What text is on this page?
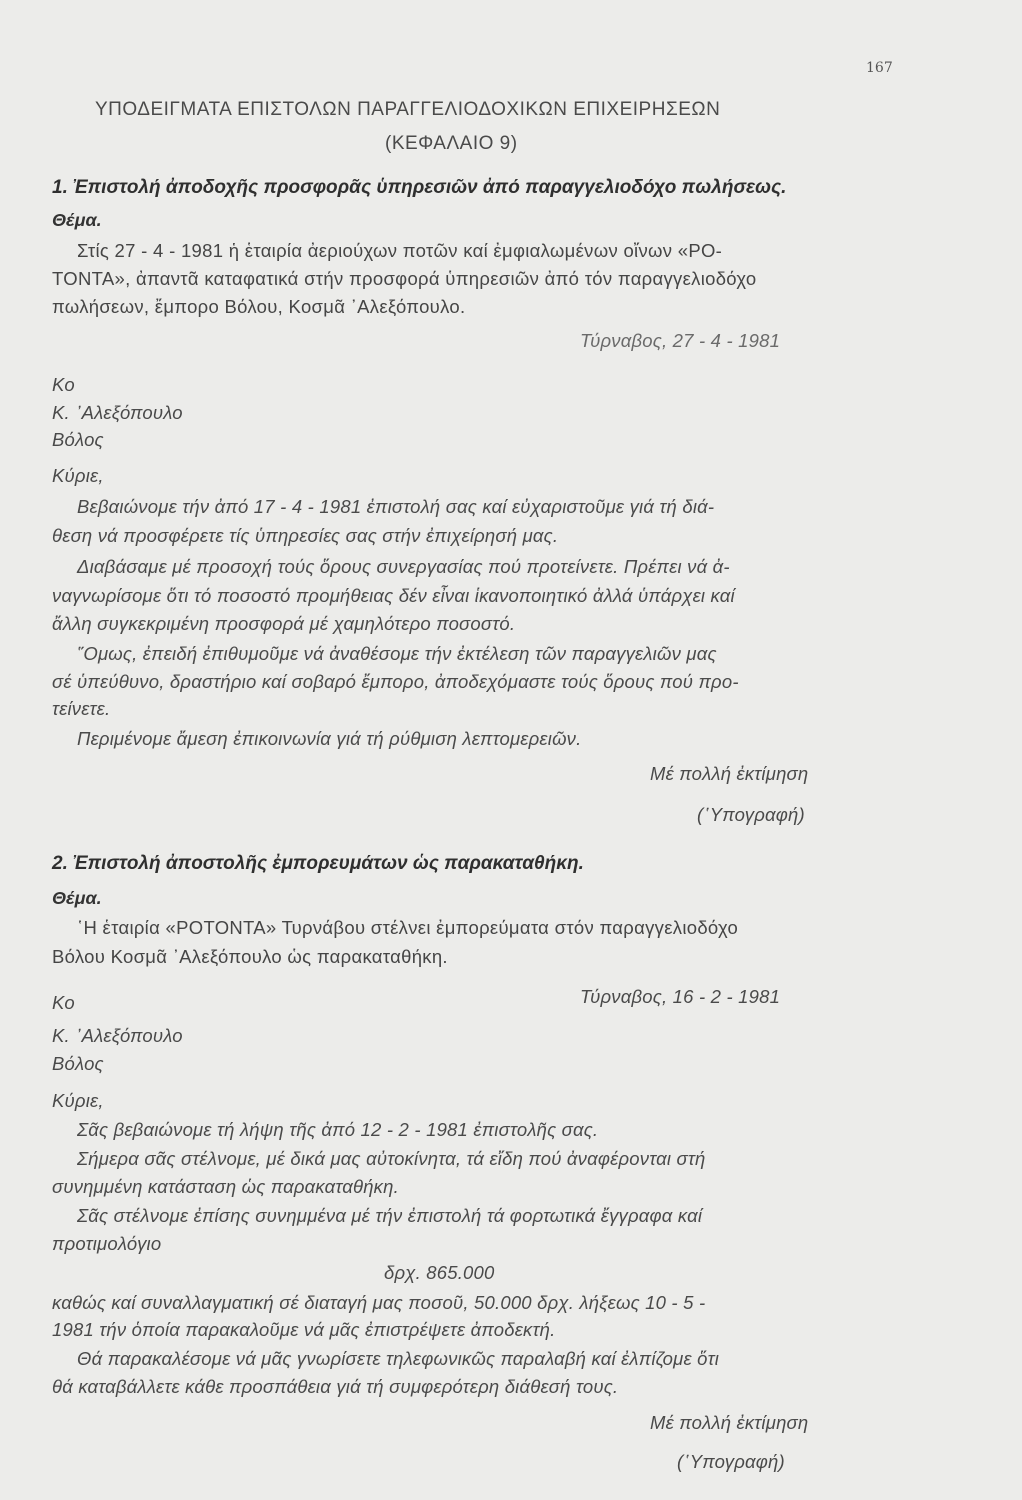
167
ΥΠΟΔΕΙΓΜΑΤΑ ΕΠΙΣΤΟΛΩΝ ΠΑΡΑΓΓΕΛΙΟΔΟΧΙΚΩΝ ΕΠΙΧΕΙΡΗΣΕΩΝ
(ΚΕΦΑΛΑΙΟ 9)
1. Ἐπιστολή ἀποδοχῆς προσφορᾶς ὑπηρεσιῶν ἀπό παραγγελιοδόχο πωλήσεως.
Θέμα.
Στίς 27 - 4 - 1981 ἡ ἑταιρία ἀεριούχων ποτῶν καί ἐμφιαλωμένων οἴνων «ΡΟ-
ΤΟΝΤΑ», ἀπαντᾶ καταφατικά στήν προσφορά ὑπηρεσιῶν ἀπό τόν παραγγελιοδόχο
πωλήσεων, ἔμπορο Βόλου, Κοσμᾶ ᾽Αλεξόπουλο.
Τύρναβος, 27 - 4 - 1981
Κο
Κ. ᾽Αλεξόπουλο
Βόλος
Κύριε,
Βεβαιώνομε τήν ἀπό 17 - 4 - 1981 ἐπιστολή σας καί εὐχαριστοῦμε γιά τή διά-
θεση νά προσφέρετε τίς ὑπηρεσίες σας στήν ἐπιχείρησή μας.
Διαβάσαμε μέ προσοχή τούς ὅρους συνεργασίας πού προτείνετε. Πρέπει νά ἀ-
ναγνωρίσομε ὅτι τό ποσοστό προμήθειας δέν εἶναι ἱκανοποιητικό ἀλλά ὑπάρχει καί
ἄλλη συγκεκριμένη προσφορά μέ χαμηλότερο ποσοστό.
῞Ομως, ἐπειδή ἐπιθυμοῦμε νά ἀναθέσομε τήν ἐκτέλεση τῶν παραγγελιῶν μας
σέ ὑπεύθυνο, δραστήριο καί σοβαρό ἔμπορο, ἀποδεχόμαστε τούς ὅρους πού προ-
τείνετε.
Περιμένομε ἄμεση ἐπικοινωνία γιά τή ρύθμιση λεπτομερειῶν.
Μέ πολλή ἐκτίμηση
(῾Υπογραφή)
2. Ἐπιστολή ἀποστολῆς ἐμπορευμάτων ὡς παρακαταθήκη.
Θέμα.
῾Η ἑταιρία «ΡΟΤΟΝΤΑ» Τυρνάβου στέλνει ἐμπορεύματα στόν παραγγελιοδόχο
Βόλου Κοσμᾶ ᾽Αλεξόπουλο ὡς παρακαταθήκη.
Τύρναβος, 16 - 2 - 1981
Κο
Κ. ᾽Αλεξόπουλο
Βόλος
Κύριε,
Σᾶς βεβαιώνομε τή λήψη τῆς ἀπό 12 - 2 - 1981 ἐπιστολῆς σας.
Σήμερα σᾶς στέλνομε, μέ δικά μας αὐτοκίνητα, τά εἴδη πού ἀναφέρονται στή
συνημμένη κατάσταση ὡς παρακαταθήκη.
Σᾶς στέλνομε ἐπίσης συνημμένα μέ τήν ἐπιστολή τά φορτωτικά ἔγγραφα καί
προτιμολόγιο
δρχ. 865.000
καθώς καί συναλλαγματική σέ διαταγή μας ποσοῦ, 50.000 δρχ. λήξεως 10 - 5 -
1981 τήν ὁποία παρακαλοῦμε νά μᾶς ἐπιστρέψετε ἀποδεκτή.
Θά παρακαλέσομε νά μᾶς γνωρίσετε τηλεφωνικῶς παραλαβή καί ἐλπίζομε ὅτι
θά καταβάλλετε κάθε προσπάθεια γιά τή συμφερότερη διάθεσή τους.
Μέ πολλή ἐκτίμηση
(῾Υπογραφή)
